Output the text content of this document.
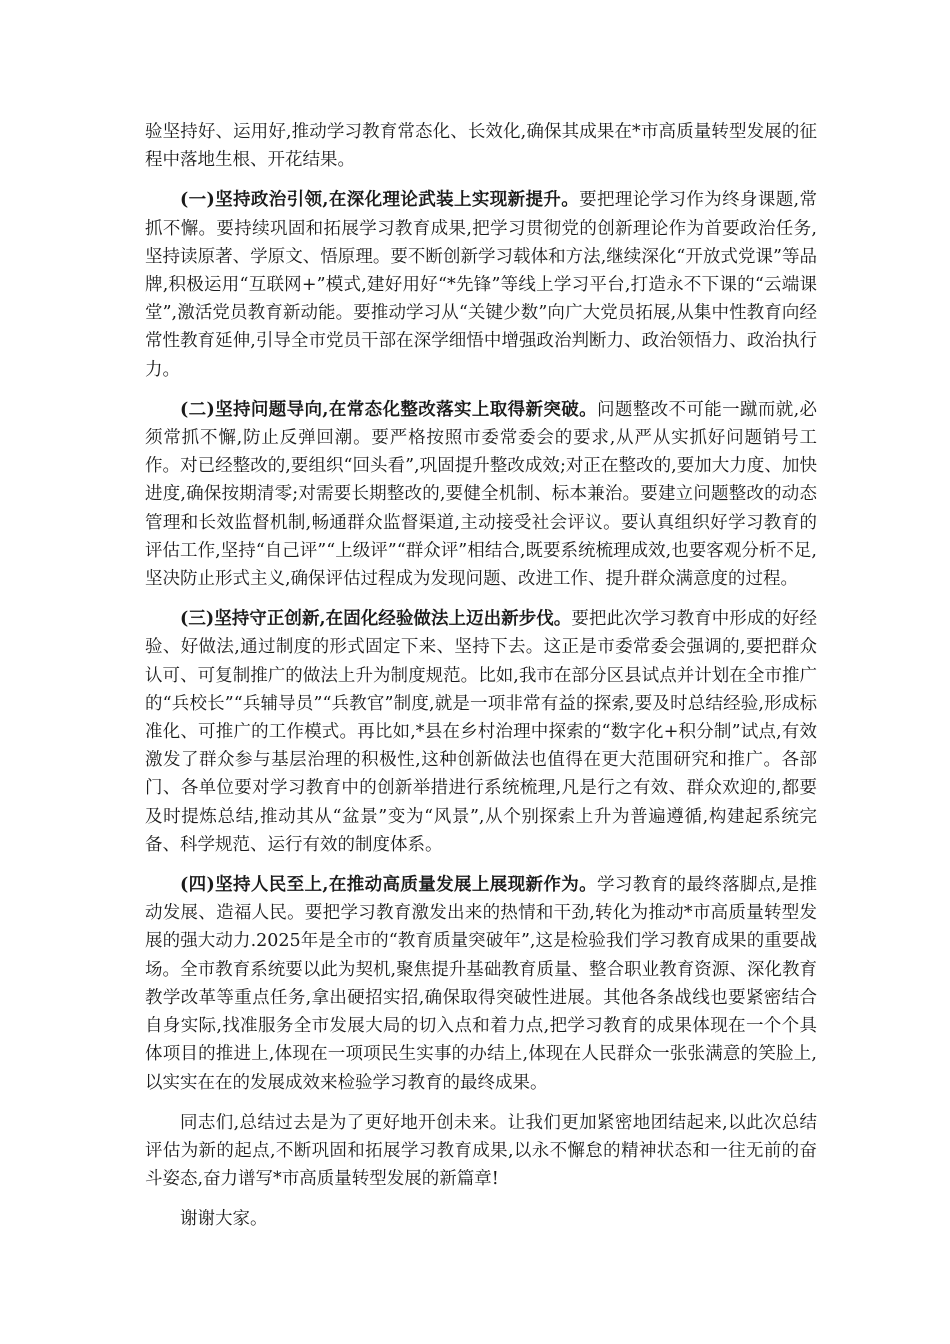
验坚持好、运用好,推动学习教育常态化、长效化,确保其成果在*市高质量转型发展的征程中落地生根、开花结果。

(一)坚持政治引领,在深化理论武装上实现新提升。要把理论学习作为终身课题,常抓不懈。要持续巩固和拓展学习教育成果,把学习贯彻党的创新理论作为首要政治任务,坚持读原著、学原文、悟原理。要不断创新学习载体和方法,继续深化“开放式党课”等品牌,积极运用“互联网+”模式,建好用好“*先锋”等线上学习平台,打造永不下课的“云端课堂”,激活党员教育新动能。要推动学习从“关键少数”向广大党员拓展,从集中性教育向经常性教育延伸,引导全市党员干部在深学细悟中增强政治判断力、政治领悟力、政治执行力。

(二)坚持问题导向,在常态化整改落实上取得新突破。问题整改不可能一蹴而就,必须常抓不懈,防止反弹回潮。要严格按照市委常委会的要求,从严从实抓好问题销号工作。对已经整改的,要组织“回头看”,巩固提升整改成效;对正在整改的,要加大力度、加快进度,确保按期清零;对需要长期整改的,要健全机制、标本兼治。要建立问题整改的动态管理和长效监督机制,畅通群众监督渠道,主动接受社会评议。要认真组织好学习教育的评估工作,坚持“自己评”“上级评”“群众评”相结合,既要系统梳理成效,也要客观分析不足,坚决防止形式主义,确保评估过程成为发现问题、改进工作、提升群众满意度的过程。

(三)坚持守正创新,在固化经验做法上迈出新步伐。要把此次学习教育中形成的好经验、好做法,通过制度的形式固定下来、坚持下去。这正是市委常委会强调的,要把群众认可、可复制推广的做法上升为制度规范。比如,我市在部分区县试点并计划在全市推广的“兵校长”“兵辅导员”“兵教官”制度,就是一项非常有益的探索,要及时总结经验,形成标准化、可推广的工作模式。再比如,*县在乡村治理中探索的“数字化+积分制”试点,有效激发了群众参与基层治理的积极性,这种创新做法也值得在更大范围研究和推广。各部门、各单位要对学习教育中的创新举措进行系统梳理,凡是行之有效、群众欢迎的,都要及时提炼总结,推动其从“盆景”变为“风景”,从个别探索上升为普遍遵循,构建起系统完备、科学规范、运行有效的制度体系。

(四)坚持人民至上,在推动高质量发展上展现新作为。学习教育的最终落脚点,是推动发展、造福人民。要把学习教育激发出来的热情和干劲,转化为推动*市高质量转型发展的强大动力.2025年是全市的“教育质量突破年”,这是检验我们学习教育成果的重要战场。全市教育系统要以此为契机,聚焦提升基础教育质量、整合职业教育资源、深化教育教学改革等重点任务,拿出硬招实招,确保取得突破性进展。其他各条战线也要紧密结合自身实际,找准服务全市发展大局的切入点和着力点,把学习教育的成果体现在一个个具体项目的推进上,体现在一项项民生实事的办结上,体现在人民群众一张张满意的笑脸上,以实实在在的发展成效来检验学习教育的最终成果。

同志们,总结过去是为了更好地开创未来。让我们更加紧密地团结起来,以此次总结评估为新的起点,不断巩固和拓展学习教育成果,以永不懈怠的精神状态和一往无前的奋斗姿态,奋力谱写*市高质量转型发展的新篇章!

谢谢大家。
